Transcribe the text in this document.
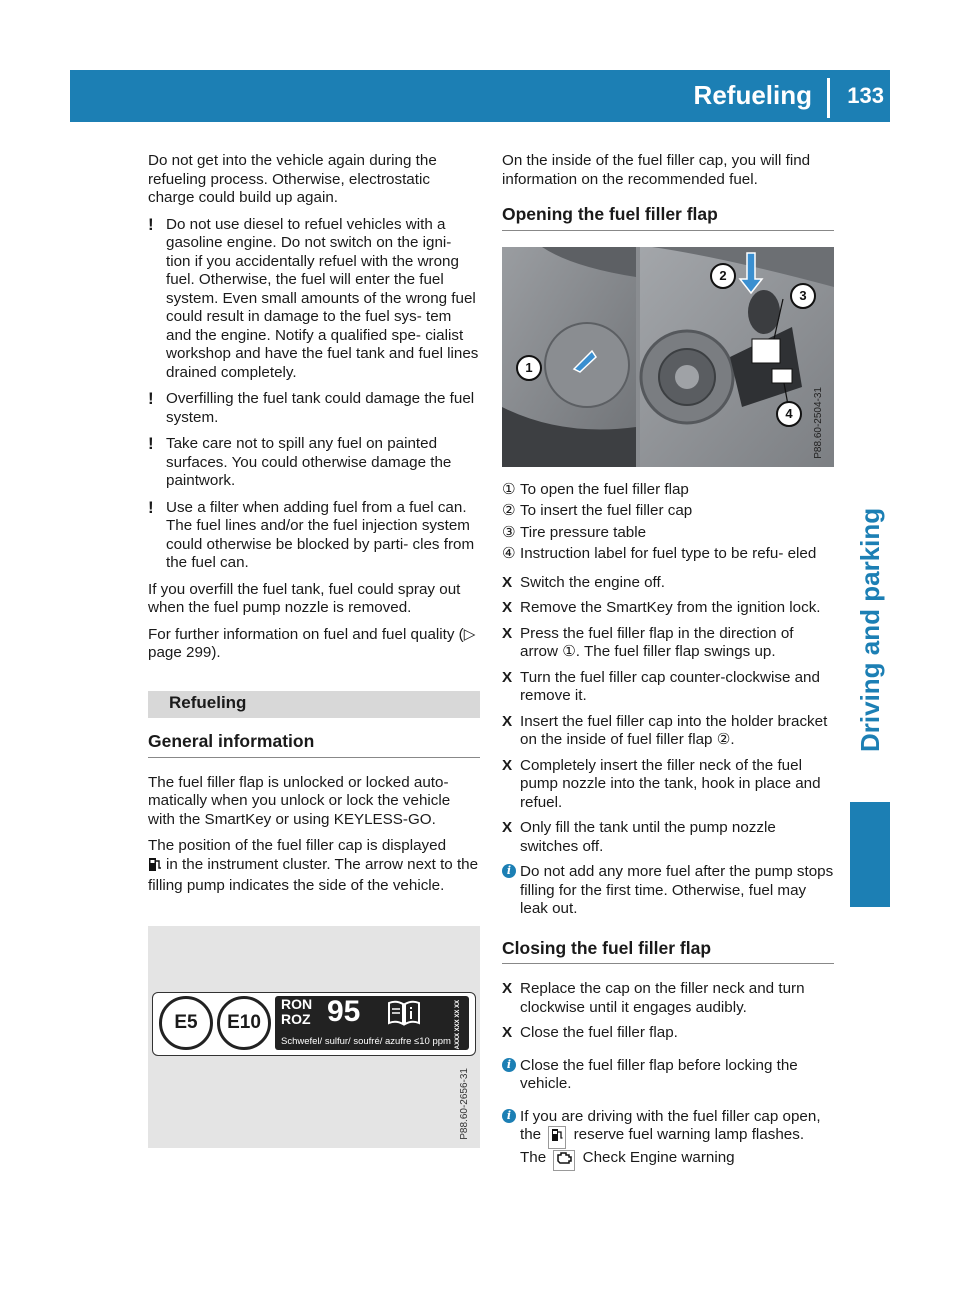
Refueling 133
Driving and parking

Do not get into the vehicle again during the refueling process. Otherwise, electrostatic charge could build up again.

! Do not use diesel to refuel vehicles with a gasoline engine. Do not switch on the igni- tion if you accidentally refuel with the wrong fuel. Otherwise, the fuel will enter the fuel system. Even small amounts of the wrong fuel could result in damage to the fuel sys- tem and the engine. Notify a qualified spe- cialist workshop and have the fuel tank and fuel lines drained completely.
! Overfilling the fuel tank could damage the fuel system.
! Take care not to spill any fuel on painted surfaces. You could otherwise damage the paintwork.
! Use a filter when adding fuel from a fuel can. The fuel lines and/or the fuel injection system could otherwise be blocked by parti- cles from the fuel can.

If you overfill the fuel tank, fuel could spray out when the fuel pump nozzle is removed.

For further information on fuel and fuel quality (▷ page 299).

Refueling
General information

The fuel filler flap is unlocked or locked auto- matically when you unlock or lock the vehicle with the SmartKey or using KEYLESS-GO.

The position of the fuel filler cap is displayed
in the instrument cluster. The arrow next to the filling pump indicates the side of the vehicle.

E5	E10
RON
ROZ 95
Schwefel/ sulfur/ soufré/ azufre ≤10 ppm AXXX XXX XX XX
P88.60-2656-31

On the inside of the fuel filler cap, you will find information on the recommended fuel.

Opening the fuel filler flap
1
2
3
4	P88.60-2504-31
① To open the fuel filler flap
② To insert the fuel filler cap
③ Tire pressure table
④ Instruction label for fuel type to be refu- eled
X Switch the engine off.
X Remove the SmartKey from the ignition lock.
X Press the fuel filler flap in the direction of arrow ①. The fuel filler flap swings up.
X Turn the fuel filler cap counter-clockwise and remove it.
X Insert the fuel filler cap into the holder bracket on the inside of fuel filler flap ②.
X Completely insert the filler neck of the fuel pump nozzle into the tank, hook in place and refuel.
X Only fill the tank until the pump nozzle switches off.
i Do not add any more fuel after the pump stops filling for the first time. Otherwise, fuel may leak out.
Closing the fuel filler flap
X Replace the cap on the filler neck and turn clockwise until it engages audibly.
X Close the fuel filler flap.
i Close the fuel filler flap before locking the vehicle.
i If you are driving with the fuel filler cap open, the reserve fuel warning lamp flashes. The Check Engine warning
